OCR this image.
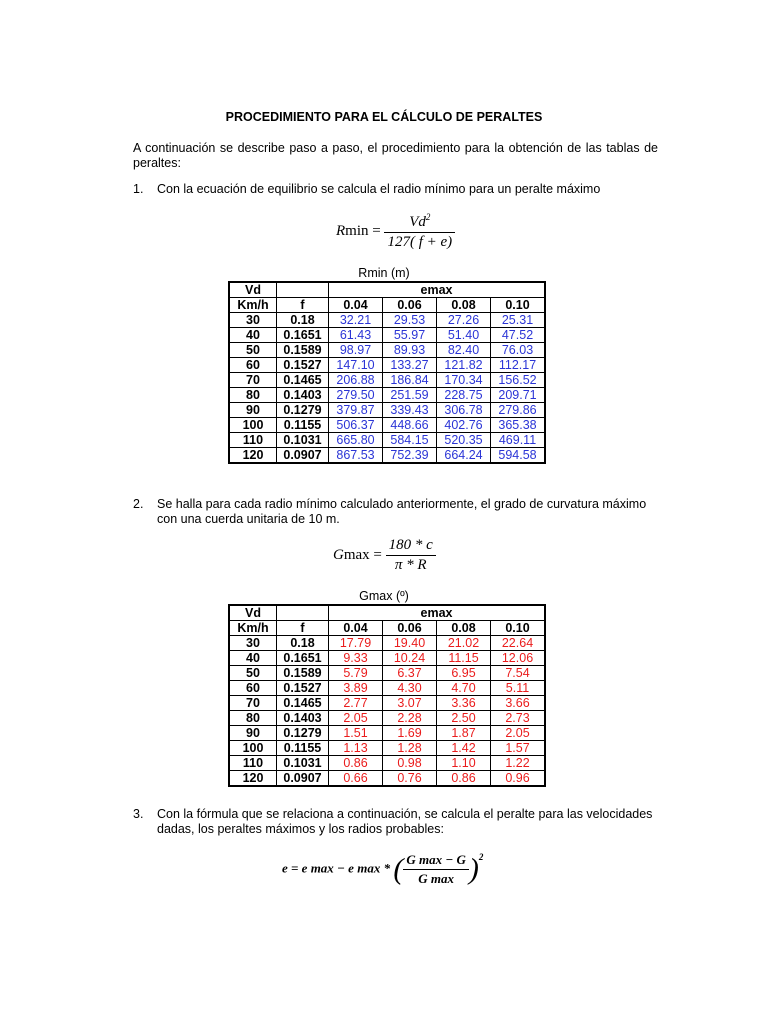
PROCEDIMIENTO PARA EL CÁLCULO DE PERALTES
A continuación se describe paso a paso, el procedimiento para la obtención de las tablas de peraltes:
1. Con la ecuación de equilibrio se calcula el radio mínimo para un peralte máximo
$Rmin = \frac{Vd^2}{127( f + e)}$
Rmin (m)
Vd		emax			
Km/h	f	0.04	0.06	0.08	0.10
30	0.18	32.21	29.53	27.26	25.31
40	0.1651	61.43	55.97	51.40	47.52
50	0.1589	98.97	89.93	82.40	76.03
60	0.1527	147.10	133.27	121.82	112.17
70	0.1465	206.88	186.84	170.34	156.52
80	0.1403	279.50	251.59	228.75	209.71
90	0.1279	379.87	339.43	306.78	279.86
100	0.1155	506.37	448.66	402.76	365.38
110	0.1031	665.80	584.15	520.35	469.11
120	0.0907	867.53	752.39	664.24	594.58
2. Se halla para cada radio mínimo calculado anteriormente, el grado de curvatura máximo con una cuerda unitaria de 10 m.
$Gmax = \frac{180 * c}{\pi * R}$
Gmax (º)
Vd		emax			
Km/h	f	0.04	0.06	0.08	0.10
30	0.18	17.79	19.40	21.02	22.64
40	0.1651	9.33	10.24	11.15	12.06
50	0.1589	5.79	6.37	6.95	7.54
60	0.1527	3.89	4.30	4.70	5.11
70	0.1465	2.77	3.07	3.36	3.66
80	0.1403	2.05	2.28	2.50	2.73
90	0.1279	1.51	1.69	1.87	2.05
100	0.1155	1.13	1.28	1.42	1.57
110	0.1031	0.86	0.98	1.10	1.22
120	0.0907	0.66	0.76	0.86	0.96
3. Con la fórmula que se relaciona a continuación, se calcula el peralte para las velocidades dadas, los peraltes máximos y los radios probables:
e = e max − e max * ( $\frac{\text{G max − G}}{\text{G max}} )^2$
